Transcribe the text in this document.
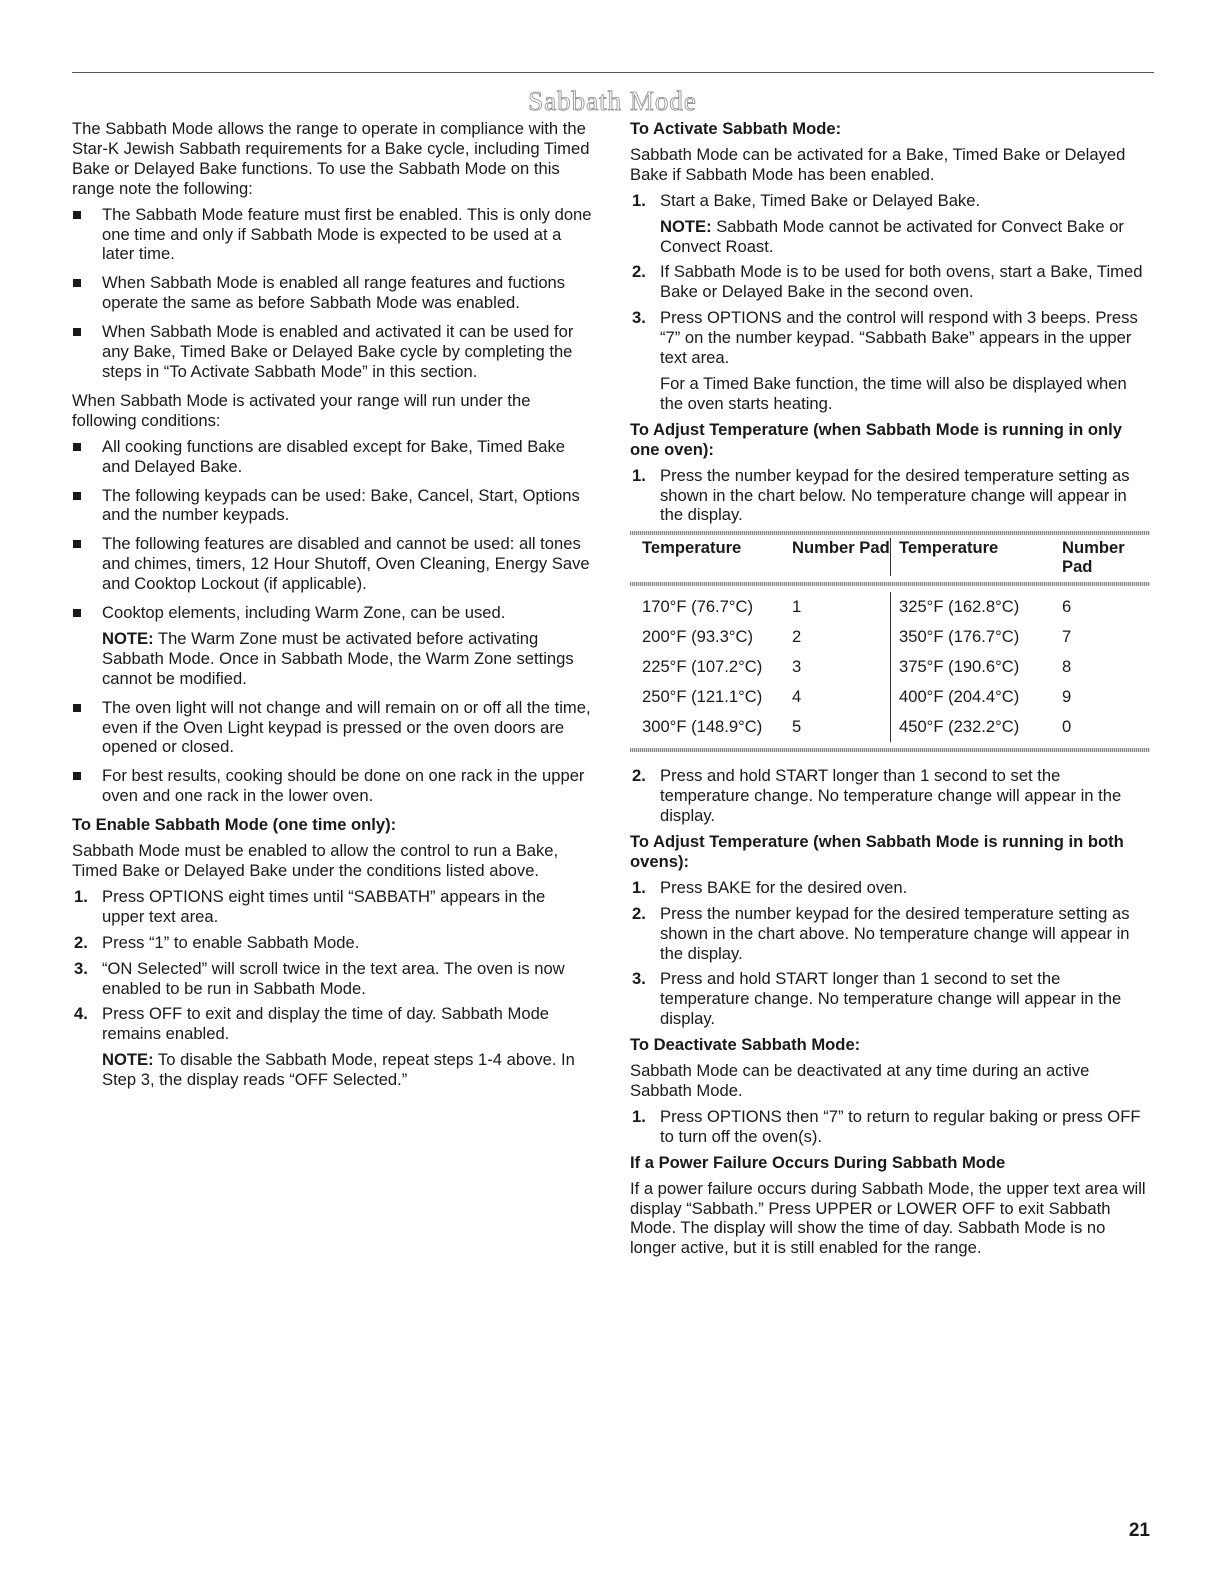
Sabbath Mode

The Sabbath Mode allows the range to operate in compliance with the Star-K Jewish Sabbath requirements for a Bake cycle, including Timed Bake or Delayed Bake functions. To use the Sabbath Mode on this range note the following:

The Sabbath Mode feature must first be enabled. This is only done one time and only if Sabbath Mode is expected to be used at a later time.
When Sabbath Mode is enabled all range features and fuctions operate the same as before Sabbath Mode was enabled.
When Sabbath Mode is enabled and activated it can be used for any Bake, Timed Bake or Delayed Bake cycle by completing the steps in “To Activate Sabbath Mode” in this section.

When Sabbath Mode is activated your range will run under the following conditions:

All cooking functions are disabled except for Bake, Timed Bake and Delayed Bake.
The following keypads can be used: Bake, Cancel, Start, Options and the number keypads.
The following features are disabled and cannot be used: all tones and chimes, timers, 12 Hour Shutoff, Oven Cleaning, Energy Save and Cooktop Lockout (if applicable).
Cooktop elements, including Warm Zone, can be used.

NOTE: The Warm Zone must be activated before activating Sabbath Mode. Once in Sabbath Mode, the Warm Zone settings cannot be modified.

The oven light will not change and will remain on or off all the time, even if the Oven Light keypad is pressed or the oven doors are opened or closed.
For best results, cooking should be done on one rack in the upper oven and one rack in the lower oven.

To Enable Sabbath Mode (one time only):

Sabbath Mode must be enabled to allow the control to run a Bake, Timed Bake or Delayed Bake under the conditions listed above.

1. Press OPTIONS eight times until “SABBATH” appears in the upper text area.
2. Press “1” to enable Sabbath Mode.
3. “ON Selected” will scroll twice in the text area. The oven is now enabled to be run in Sabbath Mode.
4. Press OFF to exit and display the time of day. Sabbath Mode remains enabled.

NOTE: To disable the Sabbath Mode, repeat steps 1-4 above. In Step 3, the display reads “OFF Selected.”

To Activate Sabbath Mode:

Sabbath Mode can be activated for a Bake, Timed Bake or Delayed Bake if Sabbath Mode has been enabled.

1. Start a Bake, Timed Bake or Delayed Bake.

NOTE: Sabbath Mode cannot be activated for Convect Bake or Convect Roast.

2. If Sabbath Mode is to be used for both ovens, start a Bake, Timed Bake or Delayed Bake in the second oven.
3. Press OPTIONS and the control will respond with 3 beeps. Press “7” on the number keypad. “Sabbath Bake” appears in the upper text area.

For a Timed Bake function, the time will also be displayed when the oven starts heating.

To Adjust Temperature (when Sabbath Mode is running in only one oven):

1. Press the number keypad for the desired temperature setting as shown in the chart below. No temperature change will appear in the display.
Temperature	Number Pad Temperature	Number Pad
170°F (76.7°C)	1	325°F (162.8°C)	6
200°F (93.3°C)	2	350°F (176.7°C)	7
225°F (107.2°C)	3	375°F (190.6°C)	8
250°F (121.1°C)	4	400°F (204.4°C)	9
300°F (148.9°C)	5	450°F (232.2°C)	0
2. Press and hold START longer than 1 second to set the temperature change. No temperature change will appear in the display.

To Adjust Temperature (when Sabbath Mode is running in both ovens):

1. Press BAKE for the desired oven.
2. Press the number keypad for the desired temperature setting as shown in the chart above. No temperature change will appear in the display.
3. Press and hold START longer than 1 second to set the temperature change. No temperature change will appear in the display.

To Deactivate Sabbath Mode:

Sabbath Mode can be deactivated at any time during an active Sabbath Mode.

1. Press OPTIONS then “7” to return to regular baking or press OFF to turn off the oven(s).

If a Power Failure Occurs During Sabbath Mode

If a power failure occurs during Sabbath Mode, the upper text area will display “Sabbath.” Press UPPER or LOWER OFF to exit Sabbath Mode. The display will show the time of day. Sabbath Mode is no longer active, but it is still enabled for the range.

21
